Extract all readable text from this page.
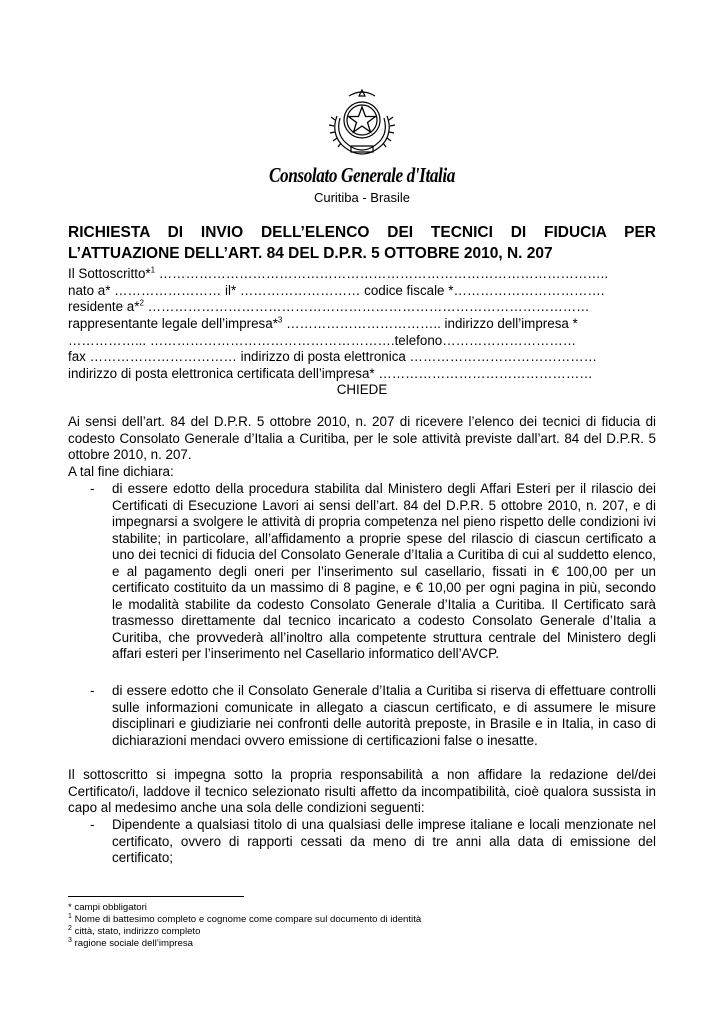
Consolato Generale d'Italia
Curitiba - Brasile
RICHIESTA DI INVIO DELL’ELENCO DEI TECNICI DI FIDUCIA PER
L’ATTUAZIONE DELL’ART. 84 DEL D.P.R. 5 OTTOBRE 2010, N. 207
Il Sottoscritto*$^1$ ………………………………………………………………………………………..
nato a* …………………… il* ……………………… codice fiscale *…………………………….
residente a*$^2$ ………………………………………………………………………………………
rappresentante legale dell’impresa*$^3$ …………………………….. indirizzo dell’impresa *
……………... ……………………………………………….telefono…………………………
fax …………………………… indirizzo di posta elettronica ……………………………………
indirizzo di posta elettronica certificata dell’impresa* …………………………………………
CHIEDE
Ai sensi dell’art. 84 del D.P.R. 5 ottobre 2010, n. 207 di ricevere l’elenco dei tecnici di fiducia di codesto Consolato Generale d’Italia a Curitiba, per le sole attività previste dall’art. 84 del D.P.R. 5 ottobre 2010, n. 207.
A tal fine dichiara:
- di essere edotto della procedura stabilita dal Ministero degli Affari Esteri per il rilascio dei Certificati di Esecuzione Lavori ai sensi dell’art. 84 del D.P.R. 5 ottobre 2010, n. 207, e di impegnarsi a svolgere le attività di propria competenza nel pieno rispetto delle condizioni ivi stabilite; in particolare, all’affidamento a proprie spese del rilascio di ciascun certificato a uno dei tecnici di fiducia del Consolato Generale d’Italia a Curitiba di cui al suddetto elenco, e al pagamento degli oneri per l’inserimento sul casellario, fissati in € 100,00 per un certificato costituito da un massimo di 8 pagine, e € 10,00 per ogni pagina in più, secondo le modalità stabilite da codesto Consolato Generale d’Italia a Curitiba. Il Certificato sarà trasmesso direttamente dal tecnico incaricato a codesto Consolato Generale d’Italia a Curitiba, che provvederà all’inoltro alla competente struttura centrale del Ministero degli affari esteri per l’inserimento nel Casellario informatico dell’AVCP.
- di essere edotto che il Consolato Generale d’Italia a Curitiba si riserva di effettuare controlli sulle informazioni comunicate in allegato a ciascun certificato, e di assumere le misure disciplinari e giudiziarie nei confronti delle autorità preposte, in Brasile e in Italia, in caso di dichiarazioni mendaci ovvero emissione di certificazioni false o inesatte.
Il sottoscritto si impegna sotto la propria responsabilità a non affidare la redazione del/dei Certificato/i, laddove il tecnico selezionato risulti affetto da incompatibilità, cioè qualora sussista in capo al medesimo anche una sola delle condizioni seguenti:
- Dipendente a qualsiasi titolo di una qualsiasi delle imprese italiane e locali menzionate nel certificato, ovvero di rapporti cessati da meno di tre anni alla data di emissione del certificato;
* campi obbligatori
$^1$ Nome di battesimo completo e cognome come compare sul documento di identità
$^2$ città, stato, indirizzo completo
$^3$ ragione sociale dell’impresa
